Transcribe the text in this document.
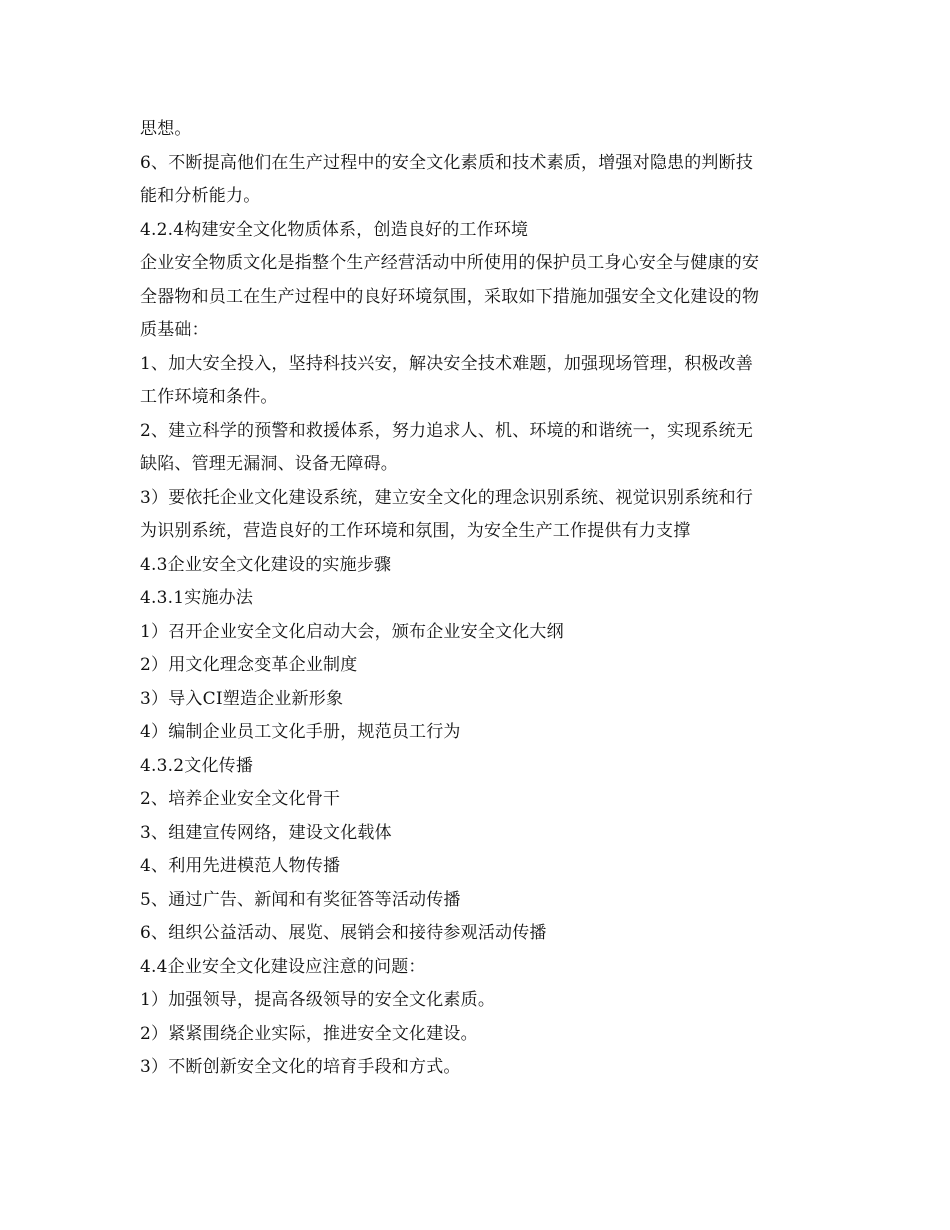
思想。
6、不断提高他们在生产过程中的安全文化素质和技术素质，增强对隐患的判断技
能和分析能力。
4.2.4构建安全文化物质体系，创造良好的工作环境
企业安全物质文化是指整个生产经营活动中所使用的保护员工身心安全与健康的安
全器物和员工在生产过程中的良好环境氛围，采取如下措施加强安全文化建设的物
质基础：
1、加大安全投入，坚持科技兴安，解决安全技术难题，加强现场管理，积极改善
工作环境和条件。
2、建立科学的预警和救援体系，努力追求人、机、环境的和谐统一，实现系统无
缺陷、管理无漏洞、设备无障碍。
3）要依托企业文化建设系统，建立安全文化的理念识别系统、视觉识别系统和行
为识别系统，营造良好的工作环境和氛围，为安全生产工作提供有力支撑
4.3企业安全文化建设的实施步骤
4.3.1实施办法
1）召开企业安全文化启动大会，颁布企业安全文化大纲
2）用文化理念变革企业制度
3）导入CI塑造企业新形象
4）编制企业员工文化手册，规范员工行为
4.3.2文化传播
2、培养企业安全文化骨干
3、组建宣传网络，建设文化载体
4、利用先进模范人物传播
5、通过广告、新闻和有奖征答等活动传播
6、组织公益活动、展览、展销会和接待参观活动传播
4.4企业安全文化建设应注意的问题：
1）加强领导，提高各级领导的安全文化素质。
2）紧紧围绕企业实际，推进安全文化建设。
3）不断创新安全文化的培育手段和方式。
